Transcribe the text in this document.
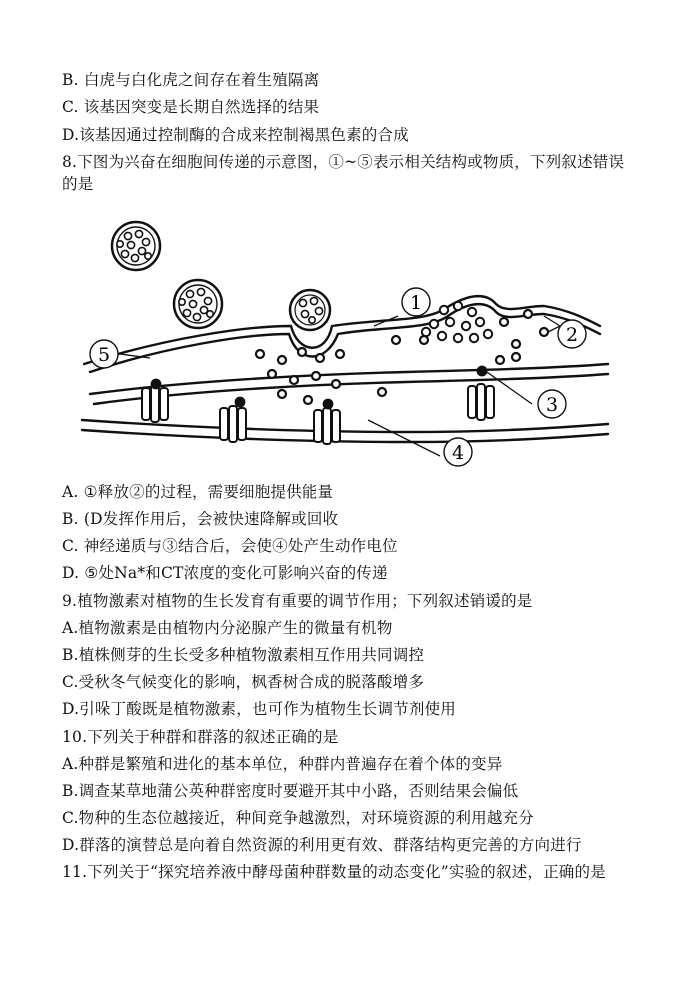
B. 白虎与白化虎之间存在着生殖隔离
C. 该基因突变是长期自然选择的结果
D.该基因通过控制酶的合成来控制褐黑色素的合成
8.下图为兴奋在细胞间传递的示意图，①~⑤表示相关结构或物质，下列叙述错误
的是
1
2
3
4
5
A. ①释放②的过程，需要细胞提供能量
B. (D发挥作用后，会被快速降解或回收
C. 神经递质与③结合后，会使④处产生动作电位
D. ⑤处Na*和CT浓度的变化可影响兴奋的传递
9.植物激素对植物的生长发育有重要的调节作用；下列叙述销谖的是
A.植物激素是由植物内分泌腺产生的微量有机物
B.植株侧芽的生长受多种植物激素相互作用共同调控
C.受秋冬气候变化的影响，枫香树合成的脱落酸增多
D.引哚丁酸既是植物激素，也可作为植物生长调节剂使用
10.下列关于种群和群落的叙述正确的是
A.种群是繁殖和进化的基本单位，种群内普遍存在着个体的变异
B.调查某草地蒲公英种群密度时要避开其中小路，否则结果会偏低
C.物种的生态位越接近，种间竞争越激烈，对环境资源的利用越充分
D.群落的演替总是向着自然资源的利用更有效、群落结构更完善的方向进行
11.下列关于“探究培养液中酵母菌种群数量的动态变化”实验的叙述，正确的是
